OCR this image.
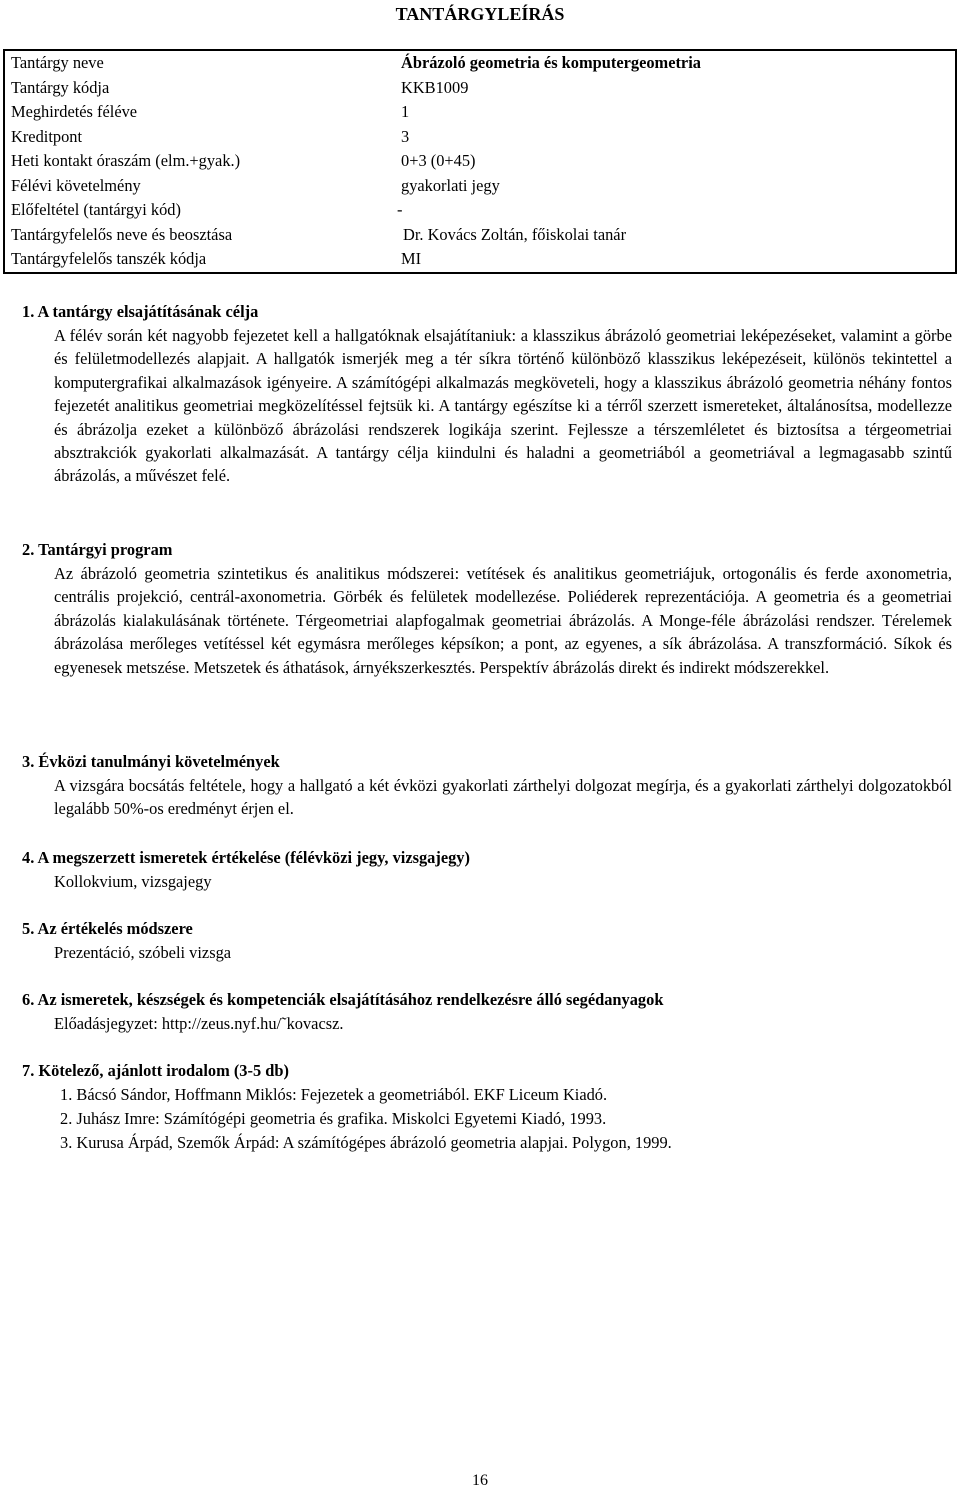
TANTÁRGYLEÍRÁS
Tantárgy neve	Ábrázoló geometria és komputergeometria
Tantárgy kódja	KKB1009
Meghirdetés féléve	1
Kreditpont	3
Heti kontakt óraszám (elm.+gyak.)	0+3 (0+45)
Félévi követelmény	gyakorlati jegy
Előfeltétel (tantárgyi kód)	-
Tantárgyfelelős neve és beosztása	Dr. Kovács Zoltán, főiskolai tanár
Tantárgyfelelős tanszék kódja	MI
1. A tantárgy elsajátításának célja
A félév során két nagyobb fejezetet kell a hallgatóknak elsajátítaniuk: a klasszikus ábrázoló geometriai leképezéseket, valamint a görbe és felületmodellezés alapjait. A hallgatók ismerjék meg a tér síkra történő különböző klasszikus leképezéseit, különös tekintettel a komputergrafikai alkalmazások igényeire. A számítógépi alkalmazás megköveteli, hogy a klasszikus ábrázoló geometria néhány fontos fejezetét analitikus geometriai megközelítéssel fejtsük ki. A tantárgy egészítse ki a térről szerzett ismereteket, általánosítsa, modellezze és ábrázolja ezeket a különböző ábrázolási rendszerek logikája szerint. Fejlessze a térszemléletet és biztosítsa a térgeometriai absztrakciók gyakorlati alkalmazását. A tantárgy célja kiindulni és haladni a geometriából a geometriával a legmagasabb szintű ábrázolás, a művészet felé.
2. Tantárgyi program
Az ábrázoló geometria szintetikus és analitikus módszerei: vetítések és analitikus geometriájuk, ortogonális és ferde axonometria, centrális projekció, centrál-axonometria. Görbék és felületek modellezése. Poliéderek reprezentációja. A geometria és a geometriai ábrázolás kialakulásának története. Térgeometriai alapfogalmak geometriai ábrázolás. A Monge-féle ábrázolási rendszer. Térelemek ábrázolása merőleges vetítéssel két egymásra merőleges képsíkon; a pont, az egyenes, a sík ábrázolása. A transzformáció. Síkok és egyenesek metszése. Metszetek és áthatások, árnyékszerkesztés. Perspektív ábrázolás direkt és indirekt módszerekkel.
3. Évközi tanulmányi követelmények
A vizsgára bocsátás feltétele, hogy a hallgató a két évközi gyakorlati zárthelyi dolgozat megírja, és a gyakorlati zárthelyi dolgozatokból legalább 50%-os eredményt érjen el.
4. A megszerzett ismeretek értékelése (félévközi jegy, vizsgajegy)
Kollokvium, vizsgajegy
5. Az értékelés módszere
Prezentáció, szóbeli vizsga
6. Az ismeretek, készségek és kompetenciák elsajátításához rendelkezésre álló segédanyagok
Előadásjegyzet: http://zeus.nyf.hu/˜kovacsz.
7. Kötelező, ajánlott irodalom (3-5 db)
1. Bácsó Sándor, Hoffmann Miklós: Fejezetek a geometriából. EKF Liceum Kiadó.
2. Juhász Imre: Számítógépi geometria és grafika. Miskolci Egyetemi Kiadó, 1993.
3. Kurusa Árpád, Szemők Árpád: A számítógépes ábrázoló geometria alapjai. Polygon, 1999.
16
